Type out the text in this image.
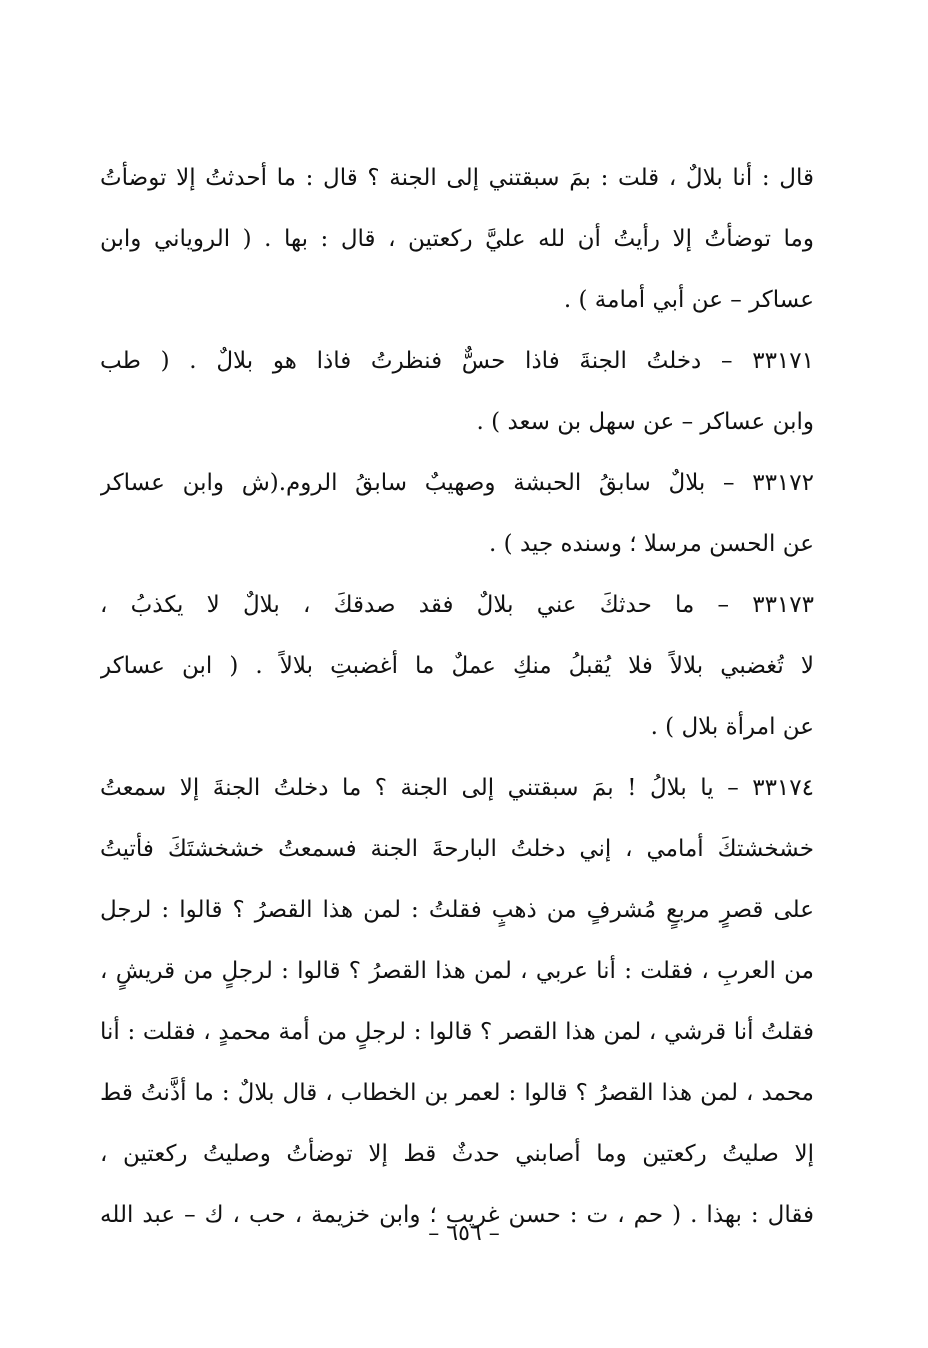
قال : أنا بلالٌ ، قلت : بمَ سبقتني إلى الجنة ؟ قال : ما أحدثتُ إلا توضأتُ
وما توضأتُ إلا رأيتُ أن لله عليَّ ركعتين ، قال : بها . ( الروياني وابن
عساكر – عن أبي أمامة ) .
٣٣١٧١ – دخلتُ الجنةَ فاذا حسٌّ فنظرتُ فاذا هو بلالٌ . ( طب
وابن عساكر – عن سهل بن سعد ) .
٣٣١٧٢ – بلالٌ سابقُ الحبشة وصهيبٌ سابقُ الروم.(ش وابن عساكر
عن الحسن مرسلا ؛ وسنده جيد ) .
٣٣١٧٣ – ما حدثكَ عني بلالٌ فقد صدقكَ ، بلالٌ لا يكذبُ ،
لا تُغضبي بلالاً فلا يُقبلُ منكِ عملٌ ما أغضبتِ بلالاً . ( ابن عساكر
عن امرأة بلال ) .
٣٣١٧٤ – يا بلالُ ! بمَ سبقتني إلى الجنة ؟ ما دخلتُ الجنةَ إلا سمعتُ
خشخشتكَ أمامي ، إني دخلتُ البارحةَ الجنة فسمعتُ خشخشتَكَ فأتيتُ
على قصرٍ مربعٍ مُشرفٍ من ذهبٍ فقلتُ : لمن هذا القصرُ ؟ قالوا : لرجل
من العربِ ، فقلت : أنا عربي ، لمن هذا القصرُ ؟ قالوا : لرجلٍ من قريشٍ ،
فقلتُ أنا قرشي ، لمن هذا القصر ؟ قالوا : لرجلٍ من أمة محمدٍ ، فقلت : أنا
محمد ، لمن هذا القصرُ ؟ قالوا : لعمر بن الخطاب ، قال بلالٌ : ما أذَّنتُ قط
إلا صليتُ ركعتين وما أصابني حدثٌ قط إلا توضأتُ وصليتُ ركعتين ،
فقال : بهذا . ( حم ، ت : حسن غريب ؛ وابن خزيمة ، حب ، ك – عبد الله
– ٦٥٦ –
